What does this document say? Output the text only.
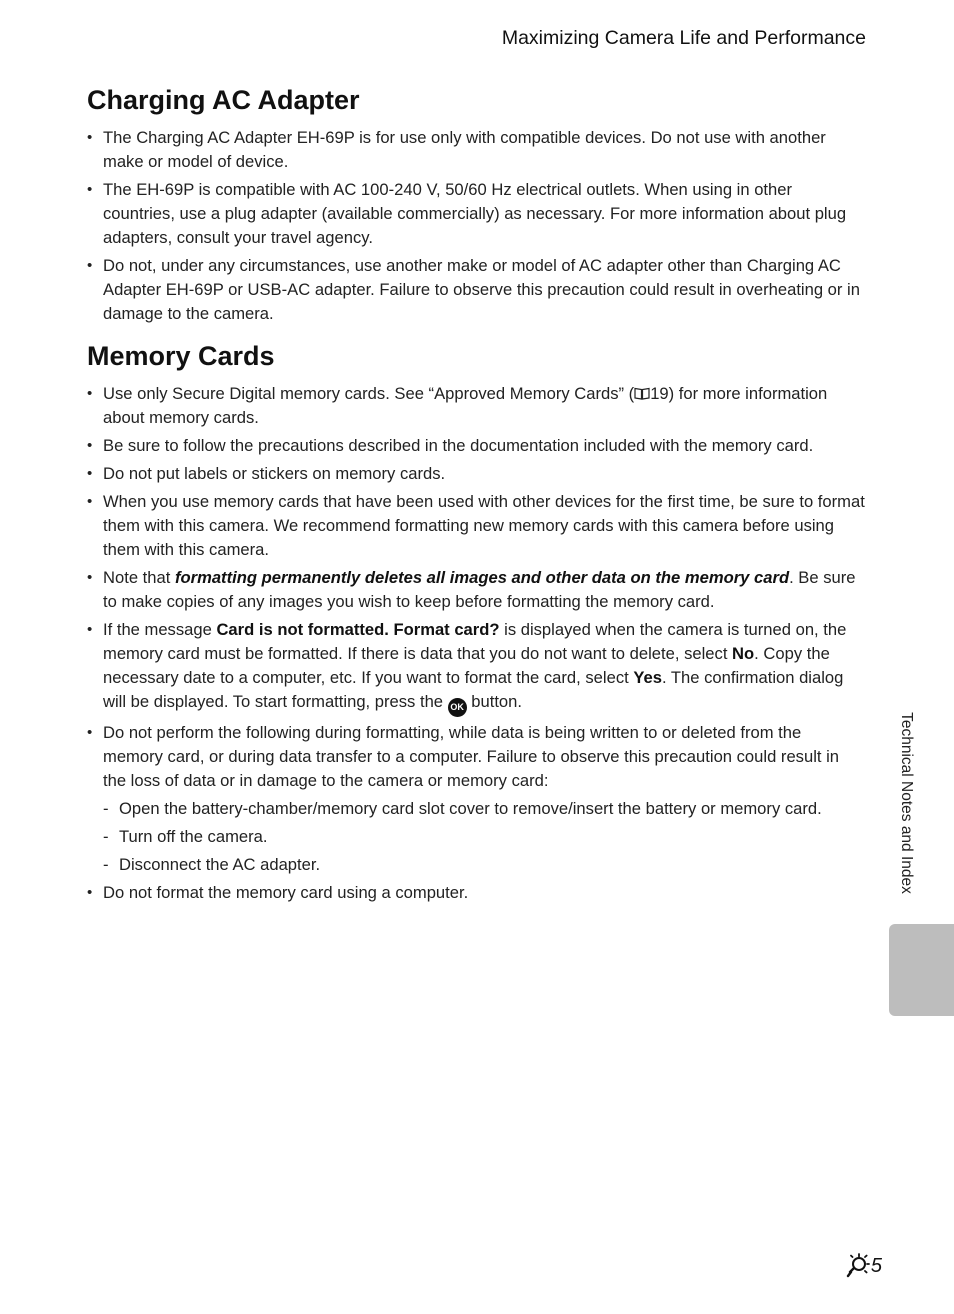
Maximizing Camera Life and Performance
Charging AC Adapter
• The Charging AC Adapter EH-69P is for use only with compatible devices. Do not use with another make or model of device.
• The EH-69P is compatible with AC 100-240 V, 50/60 Hz electrical outlets. When using in other countries, use a plug adapter (available commercially) as necessary. For more information about plug adapters, consult your travel agency.
• Do not, under any circumstances, use another make or model of AC adapter other than Charging AC Adapter EH-69P or USB-AC adapter. Failure to observe this precaution could result in overheating or in damage to the camera.
Memory Cards
• Use only Secure Digital memory cards. See “Approved Memory Cards” ( 19) for more information about memory cards.
• Be sure to follow the precautions described in the documentation included with the memory card.
• Do not put labels or stickers on memory cards.
• When you use memory cards that have been used with other devices for the first time, be sure to format them with this camera. We recommend formatting new memory cards with this camera before using them with this camera.
• Note that formatting permanently deletes all images and other data on the memory card. Be sure to make copies of any images you wish to keep before formatting the memory card.
• If the message Card is not formatted. Format card? is displayed when the camera is turned on, the memory card must be formatted. If there is data that you do not want to delete, select No. Copy the necessary date to a computer, etc. If you want to format the card, select Yes. The confirmation dialog will be displayed. To start formatting, press the OK button.
• Do not perform the following during formatting, while data is being written to or deleted from the memory card, or during data transfer to a computer. Failure to observe this precaution could result in the loss of data or in damage to the camera or memory card:
- Open the battery-chamber/memory card slot cover to remove/insert the battery or memory card.
- Turn off the camera.
- Disconnect the AC adapter.
• Do not format the memory card using a computer.	Technical Notes and Index
5
